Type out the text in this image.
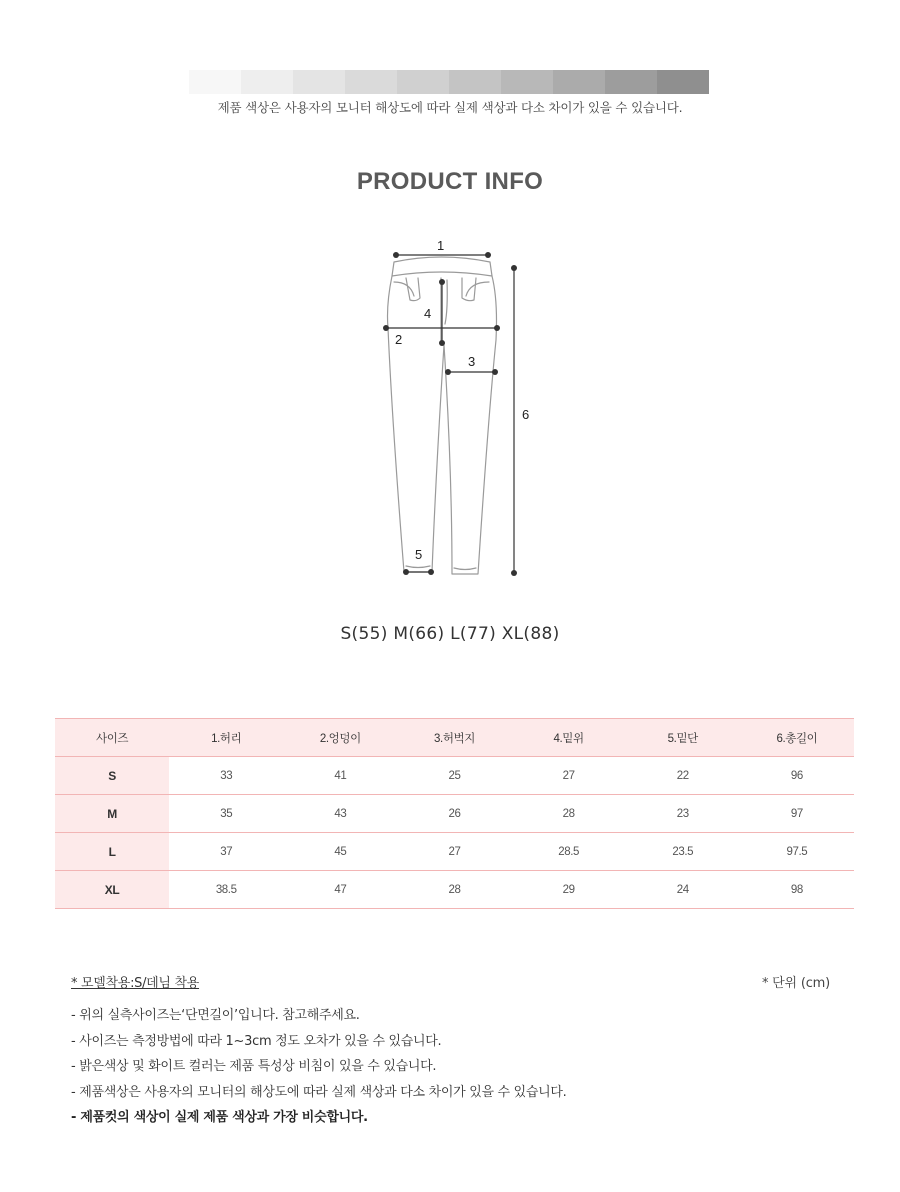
제품 색상은 사용자의 모니터 해상도에 따라 실제 색상과 다소 차이가 있을 수 있습니다.
PRODUCT INFO
1
2
3
4
5
6
S(55) M(66) L(77) XL(88)
사이즈	1.허리	2.엉덩이	3.허벅지	4.밑위	5.밑단	6.총길이
S	33	41	25	27	22	96
M	35	43	26	28	23	97
L	37	45	27	28.5	23.5	97.5
XL	38.5	47	28	29	24	98
* 모델착용:S/데님 착용	* 단위 (cm)
- 위의 실측사이즈는‘단면길이’입니다. 참고해주세요.
- 사이즈는 측정방법에 따라 1~3cm 정도 오차가 있을 수 있습니다.
- 밝은색상 및 화이트 컬러는 제품 특성상 비침이 있을 수 있습니다.
- 제품색상은 사용자의 모니터의 해상도에 따라 실제 색상과 다소 차이가 있을 수 있습니다.
- 제품컷의 색상이 실제 제품 색상과 가장 비슷합니다.
